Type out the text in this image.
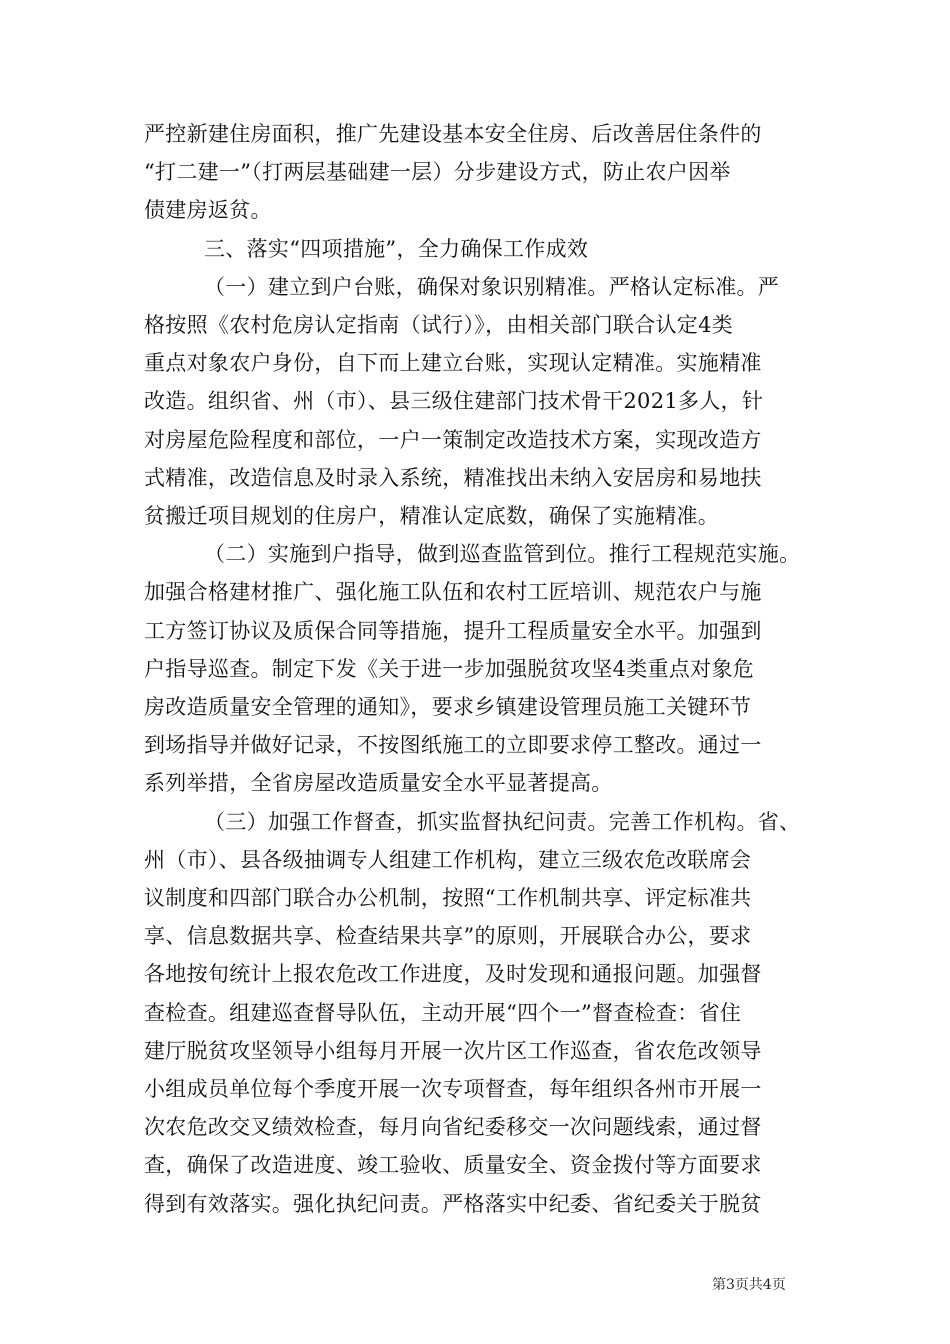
严控新建住房面积，推广先建设基本安全住房、后改善居住条件的
“打二建一”（打两层基础建一层）分步建设方式，防止农户因举
债建房返贫。
三、落实“四项措施”，全力确保工作成效
（一）建立到户台账，确保对象识别精准。严格认定标准。严
格按照《农村危房认定指南（试行）》，由相关部门联合认定4类
重点对象农户身份，自下而上建立台账，实现认定精准。实施精准
改造。组织省、州（市）、县三级住建部门技术骨干2021多人，针
对房屋危险程度和部位，一户一策制定改造技术方案，实现改造方
式精准，改造信息及时录入系统，精准找出未纳入安居房和易地扶
贫搬迁项目规划的住房户，精准认定底数，确保了实施精准。
（二）实施到户指导，做到巡查监管到位。推行工程规范实施。
加强合格建材推广、强化施工队伍和农村工匠培训、规范农户与施
工方签订协议及质保合同等措施，提升工程质量安全水平。加强到
户指导巡查。制定下发《关于进一步加强脱贫攻坚4类重点对象危
房改造质量安全管理的通知》，要求乡镇建设管理员施工关键环节
到场指导并做好记录，不按图纸施工的立即要求停工整改。通过一
系列举措，全省房屋改造质量安全水平显著提高。
（三）加强工作督查，抓实监督执纪问责。完善工作机构。省、
州（市）、县各级抽调专人组建工作机构，建立三级农危改联席会
议制度和四部门联合办公机制，按照“工作机制共享、评定标准共
享、信息数据共享、检查结果共享”的原则，开展联合办公，要求
各地按旬统计上报农危改工作进度，及时发现和通报问题。加强督
查检查。组建巡查督导队伍，主动开展“四个一”督查检查：省住
建厅脱贫攻坚领导小组每月开展一次片区工作巡查，省农危改领导
小组成员单位每个季度开展一次专项督查，每年组织各州市开展一
次农危改交叉绩效检查，每月向省纪委移交一次问题线索，通过督
查，确保了改造进度、竣工验收、质量安全、资金拨付等方面要求
得到有效落实。强化执纪问责。严格落实中纪委、省纪委关于脱贫
第3页共4页
